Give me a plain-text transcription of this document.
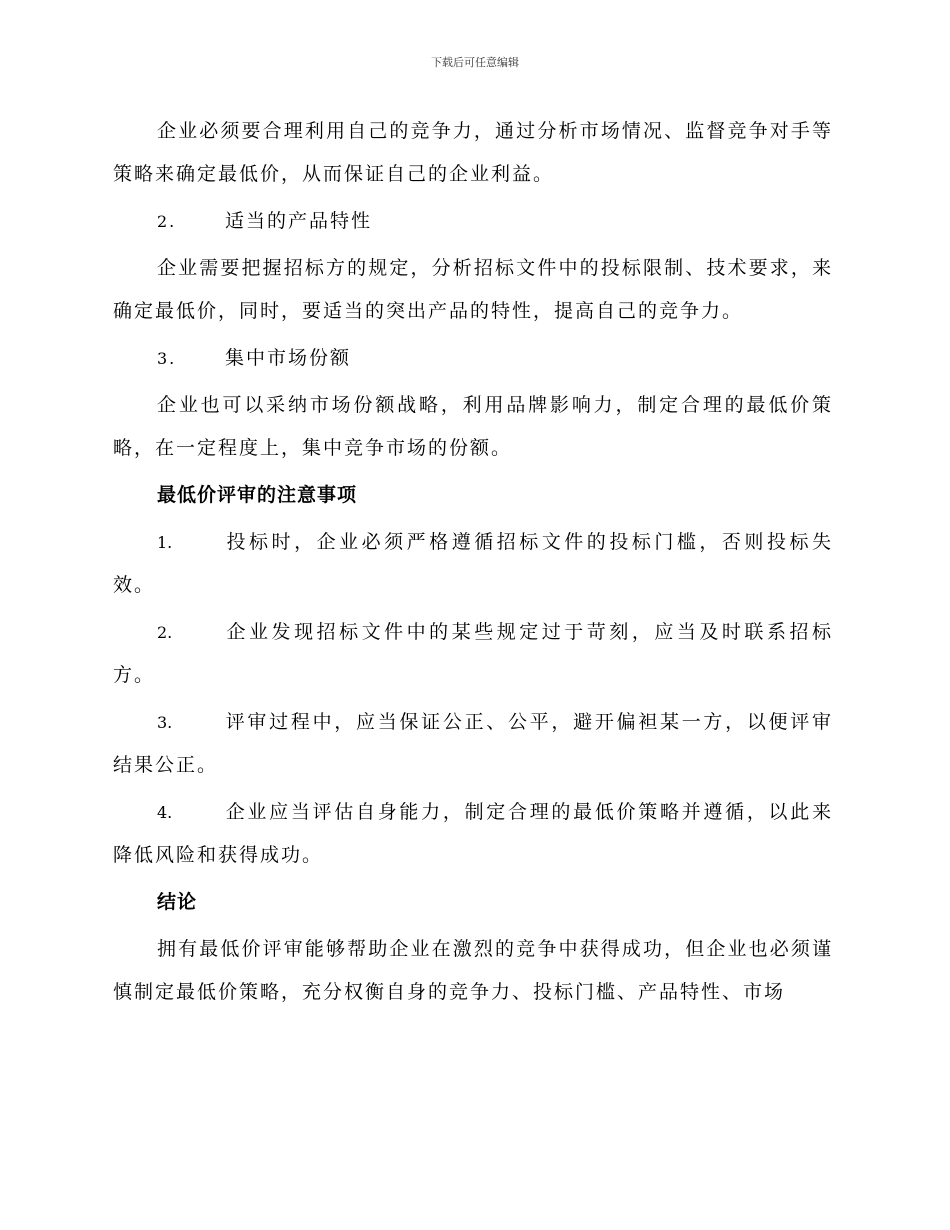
下载后可任意编辑

企业必须要合理利用自己的竞争力，通过分析市场情况、监督竞争对手等策略来确定最低价，从而保证自己的企业利益。

2.	适当的产品特性

企业需要把握招标方的规定，分析招标文件中的投标限制、技术要求，来确定最低价，同时，要适当的突出产品的特性，提高自己的竞争力。

3.	集中市场份额

企业也可以采纳市场份额战略，利用品牌影响力，制定合理的最低价策略，在一定程度上，集中竞争市场的份额。

最低价评审的注意事项

1.	投标时，企业必须严格遵循招标文件的投标门槛，否则投标失效。

2.	企业发现招标文件中的某些规定过于苛刻，应当及时联系招标方。

3.	评审过程中，应当保证公正、公平，避开偏袒某一方，以便评审结果公正。

4.	企业应当评估自身能力，制定合理的最低价策略并遵循，以此来降低风险和获得成功。

结论

拥有最低价评审能够帮助企业在激烈的竞争中获得成功，但企业也必须谨慎制定最低价策略，充分权衡自身的竞争力、投标门槛、产品特性、市场
